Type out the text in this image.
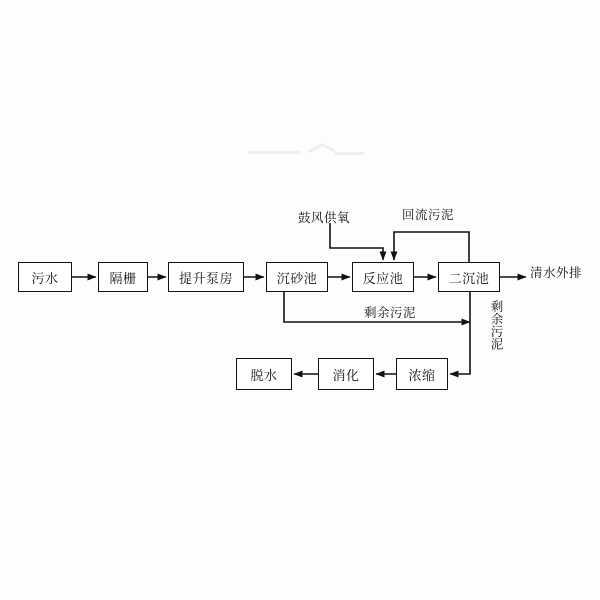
污水	隔栅	提升泵房	沉砂池	反应池	二沉池
浓缩
消化
脱水
鼓风供氧	回流污泥
清水外排
剩余污泥	剩余污泥
